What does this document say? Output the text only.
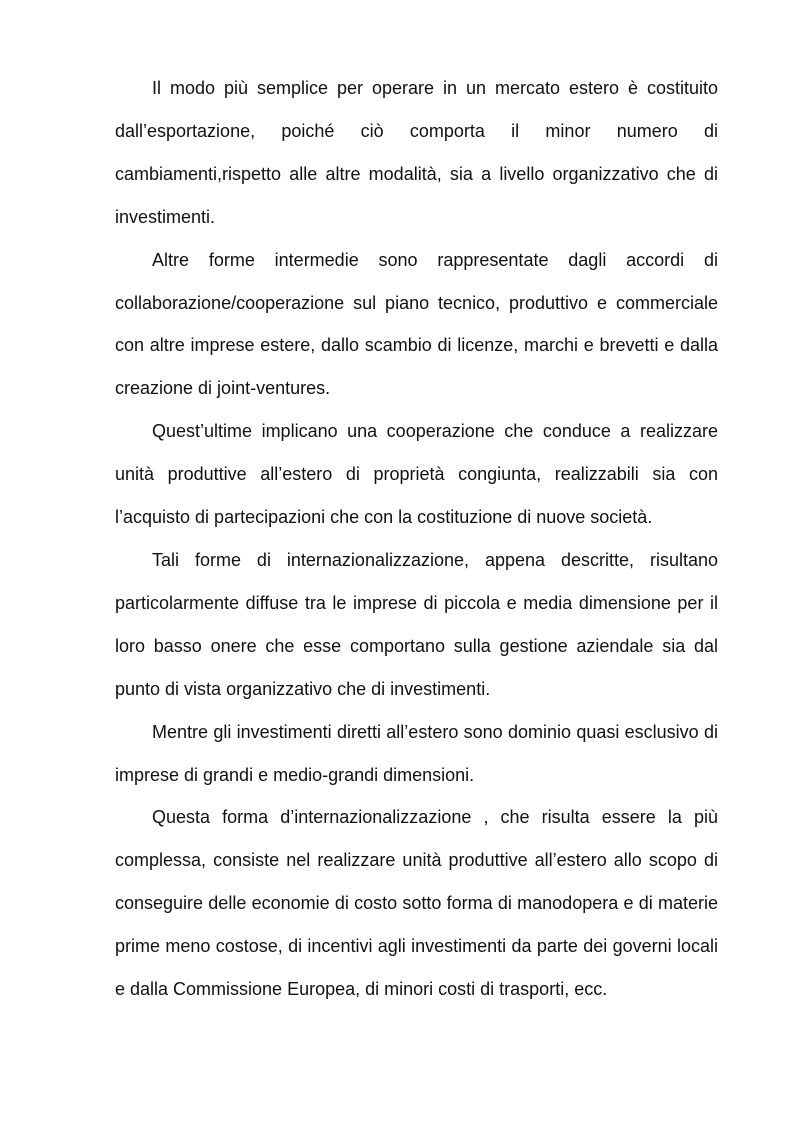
Il modo più semplice per operare in un mercato estero è costituito dall’esportazione, poiché ciò comporta il minor numero di cambiamenti,rispetto alle altre modalità, sia a livello organizzativo che di investimenti.

Altre forme intermedie sono rappresentate dagli accordi di collaborazione/cooperazione sul piano tecnico, produttivo e commerciale con altre imprese estere, dallo scambio di licenze, marchi e brevetti e dalla creazione di joint-ventures.

Quest’ultime implicano una cooperazione che conduce a realizzare unità produttive all’estero di proprietà congiunta, realizzabili sia con l’acquisto di partecipazioni che con la costituzione di nuove società.

Tali forme di internazionalizzazione, appena descritte, risultano particolarmente diffuse tra le imprese di piccola e media dimensione per il loro basso onere che esse comportano sulla gestione aziendale sia dal punto di vista organizzativo che di investimenti.

Mentre gli investimenti diretti all’estero sono dominio quasi esclusivo di imprese di grandi e medio-grandi dimensioni.

Questa forma d’internazionalizzazione , che risulta essere la più complessa, consiste nel realizzare unità produttive all’estero allo scopo di conseguire delle economie di costo sotto forma di manodopera e di materie prime meno costose, di incentivi agli investimenti da parte dei governi locali e dalla Commissione Europea, di minori costi di trasporti, ecc.
